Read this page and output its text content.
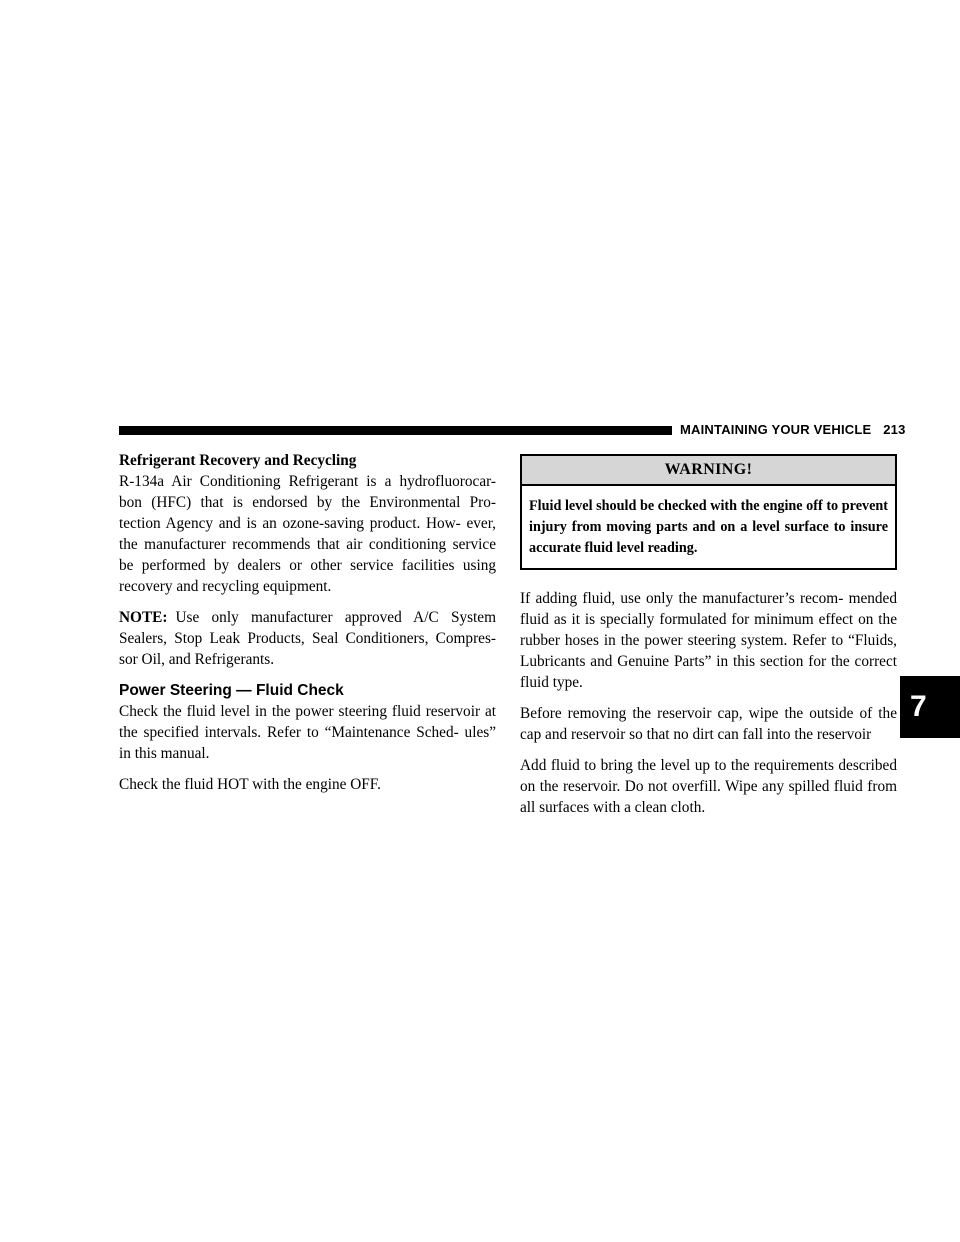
MAINTAINING YOUR VEHICLE 213
7
Refrigerant Recovery and Recycling

R-134a Air Conditioning Refrigerant is a hydrofluorocar- bon (HFC) that is endorsed by the Environmental Pro- tection Agency and is an ozone-saving product. How- ever, the manufacturer recommends that air conditioning service be performed by dealers or other service facilities using recovery and recycling equipment.

NOTE: Use only manufacturer approved A/C System Sealers, Stop Leak Products, Seal Conditioners, Compres- sor Oil, and Refrigerants.

Power Steering — Fluid Check

Check the fluid level in the power steering fluid reservoir at the specified intervals. Refer to “Maintenance Sched- ules” in this manual.

Check the fluid HOT with the engine OFF.

WARNING!
Fluid level should be checked with the engine off to prevent injury from moving parts and on a level surface to insure accurate fluid level reading.

If adding fluid, use only the manufacturer’s recom- mended fluid as it is specially formulated for minimum effect on the rubber hoses in the power steering system. Refer to “Fluids, Lubricants and Genuine Parts” in this section for the correct fluid type.

Before removing the reservoir cap, wipe the outside of the cap and reservoir so that no dirt can fall into the reservoir

Add fluid to bring the level up to the requirements described on the reservoir. Do not overfill. Wipe any spilled fluid from all surfaces with a clean cloth.
